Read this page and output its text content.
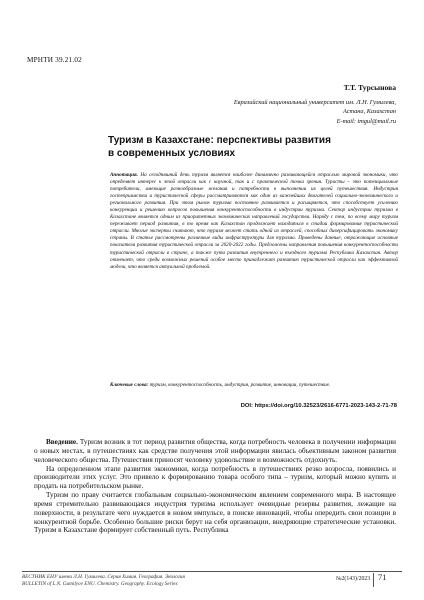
МРНТИ 39.21.02
Т.Т. Турсынова
Евразийский национальный университет им. Л.Н. Гумилева,
Астана, Казахстан
E-mail: tmgul@mail.ru
Туризм в Казахстане: перспективы развития в современных условиях
Аннотация. На сегодняшний день туризм является наиболее динамично развивающейся отраслью мировой экономики, что определяет интерес к этой отрасли как с научной, так и с практической точки зрения. Туристы – это потенциальные потребители, имеющие разнообразные желания и потребности в выполнении их целей путешествия. Индустрия гостеприимства и туристической сферы рассматриваются как один из важнейших двигателей социально-экономического и регионального развития. При этом рынок туризма постоянно развивается и расширяется, что способствует усилению конкуренции и решению вопросов повышения конкурентоспособности в индустрии туризма. Сектор индустрии туризма в Казахстане является одним из приоритетных экономических направлений государства. Наряду с тем, по всему миру туризм переживает период развития, в то время как Казахстан продолжает находиться в стадии формирования туристической отрасли. Многие эксперты считают, что туризм может стать одной из отраслей, способных диверсифицировать экономику страны. В статье рассмотрены различные виды инфраструктуры для туризма. Приведены данные, отражающие основные показатели развития туристической отрасли за 2020-2022 годы. Предложены направления повышения конкурентоспособности туристической отрасли в стране, а также пути развития внутреннего и въездного туризма Республики Казахстан. Автор отмечает, что среди возможных решений особое место принадлежит развитию туристической отрасли как эффективной модели, что является актуальной проблемой.
Ключевые слова: туризм, конкурентоспособность, индустрия, развитие, инновации, путешествие.
DOI: https://doi.org/10.32523/2616-6771-2023-143-2-71-78

Введение. Туризм возник в тот период развития общества, когда потребность человека в получении информации о новых местах, в путешествиях как средстве получения этой информации явилась объективным законом развития человеческого общества. Путешествия приносят человеку удовольствие и возможность отдохнуть.

На определенном этапе развития экономики, когда потребность в путешествиях резко возросла, появились и производители этих услуг. Это привело к формированию товара особого типа – туризм, который можно купить и продать на потребительском рынке.

Туризм по праву считается глобальным социально-экономическим явлением современного мира. В настоящее время стремительно развивающаяся индустрия туризма использует очевидные резервы развития, лежащие на поверхности, в результате чего нуждается в новом импульсе, в поиске инноваций, чтобы опередить свои позиции в конкурентной борьбе. Особенно большие риски берут на себя организации, внедряющие стратегические установки. Туризм в Казахстане формирует собственный путь. Республика

ВЕСТНИК ЕНУ имени Л.Н. Гумилева. Серия Химия. География. Экология
BULLETIN of L.N. Gumilyov ENU. Chemistry. Geography. Ecology Series
№2(143)/2023 71
